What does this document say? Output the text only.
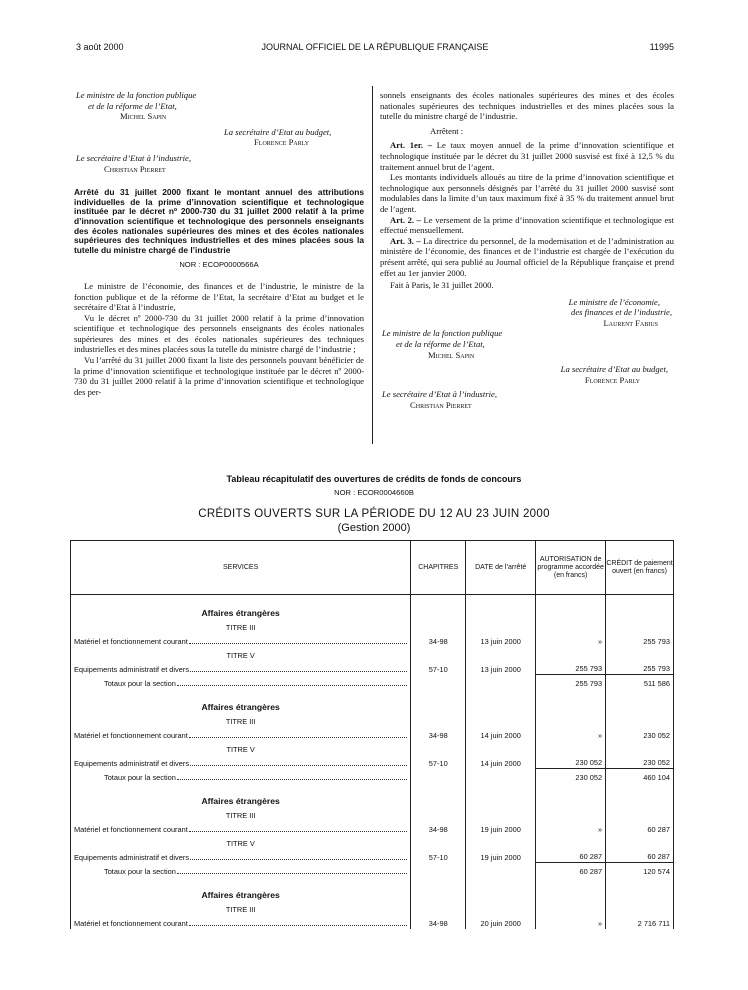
3 août 2000	JOURNAL OFFICIEL DE LA RÉPUBLIQUE FRANÇAISE	11995
Le ministre de la fonction publique
et de la réforme de l’Etat,
Michel Sapin
La secrétaire d’Etat au budget,
Florence Parly
Le secrétaire d’Etat à l’industrie,
Christian Pierret
Arrêté du 31 juillet 2000 fixant le montant annuel des attributions individuelles de la prime d’innovation scientifique et technologique instituée par le décret nº 2000-730 du 31 juillet 2000 relatif à la prime d’innovation scientifique et technologique des personnels enseignants des écoles nationales supérieures des mines et des écoles nationales supérieures des techniques industrielles et des mines placées sous la tutelle du ministre chargé de l’industrie
NOR : ECOP0000566A
Le ministre de l’économie, des finances et de l’industrie, le ministre de la fonction publique et de la réforme de l’Etat, la secrétaire d’Etat au budget et le secrétaire d’Etat à l’industrie,
Vu le décret nº 2000-730 du 31 juillet 2000 relatif à la prime d’innovation scientifique et technologique des personnels enseignants des écoles nationales supérieures des mines et des écoles nationales supérieures des techniques industrielles et des mines placées sous la tutelle du ministre chargé de l’industrie ;
Vu l’arrêté du 31 juillet 2000 fixant la liste des personnels pouvant bénéficier de la prime d’innovation scientifique et technologique instituée par le décret nº 2000-730 du 31 juillet 2000 relatif à la prime d’innovation scientifique et technologique des per-
sonnels enseignants des écoles nationales supérieures des mines et des écoles nationales supérieures des techniques industrielles et des mines placées sous la tutelle du ministre chargé de l’industrie.
Arrêtent :
Art. 1er. – Le taux moyen annuel de la prime d’innovation scientifique et technologique instituée par le décret du 31 juillet 2000 susvisé est fixé à 12,5 % du traitement annuel brut de l’agent.
Les montants individuels alloués au titre de la prime d’innovation scientifique et technologique aux personnels désignés par l’arrêté du 31 juillet 2000 susvisé sont modulables dans la limite d’un taux maximum fixé à 35 % du traitement annuel brut de l’agent.
Art. 2. – Le versement de la prime d’innovation scientifique et technologique est effectué mensuellement.
Art. 3. – La directrice du personnel, de la modernisation et de l’administration au ministère de l’économie, des finances et de l’industrie est chargée de l’exécution du présent arrêté, qui sera publié au Journal officiel de la République française et prend effet au 1er janvier 2000.
Fait à Paris, le 31 juillet 2000.
Le ministre de l’économie,
des finances et de l’industrie,
Laurent Fabius
Le ministre de la fonction publique
et de la réforme de l’Etat,
Michel Sapin
La secrétaire d’Etat au budget,
Florence Parly
Le secrétaire d’Etat à l’industrie,
Christian Pierret
Tableau récapitulatif des ouvertures de crédits de fonds de concours
NOR : ECOR0004660B
CRÉDITS OUVERTS SUR LA PÉRIODE DU 12 AU 23 JUIN 2000
(Gestion 2000)
SERVICES	CHAPITRES	DATE de l’arrêté	AUTORISATION de programme accordée (en francs)	CRÉDIT de paiement ouvert (en francs)

Affaires étrangères				

TITRE III				

Matériel et fonctionnement courant	34-98	13 juin 2000	»	255 793

TITRE V				

Equipements administratif et divers	57-10	13 juin 2000	255 793	255 793

Totaux pour la section			255 793	511 586

Affaires étrangères				

TITRE III				

Matériel et fonctionnement courant	34-98	14 juin 2000	»	230 052

TITRE V				

Equipements administratif et divers	57-10	14 juin 2000	230 052	230 052

Totaux pour la section			230 052	460 104

Affaires étrangères				

TITRE III				

Matériel et fonctionnement courant	34-98	19 juin 2000	»	60 287

TITRE V				

Equipements administratif et divers	57-10	19 juin 2000	60 287	60 287

Totaux pour la section			60 287	120 574

Affaires étrangères				

TITRE III				

Matériel et fonctionnement courant	34-98	20 juin 2000	»	2 716 711
